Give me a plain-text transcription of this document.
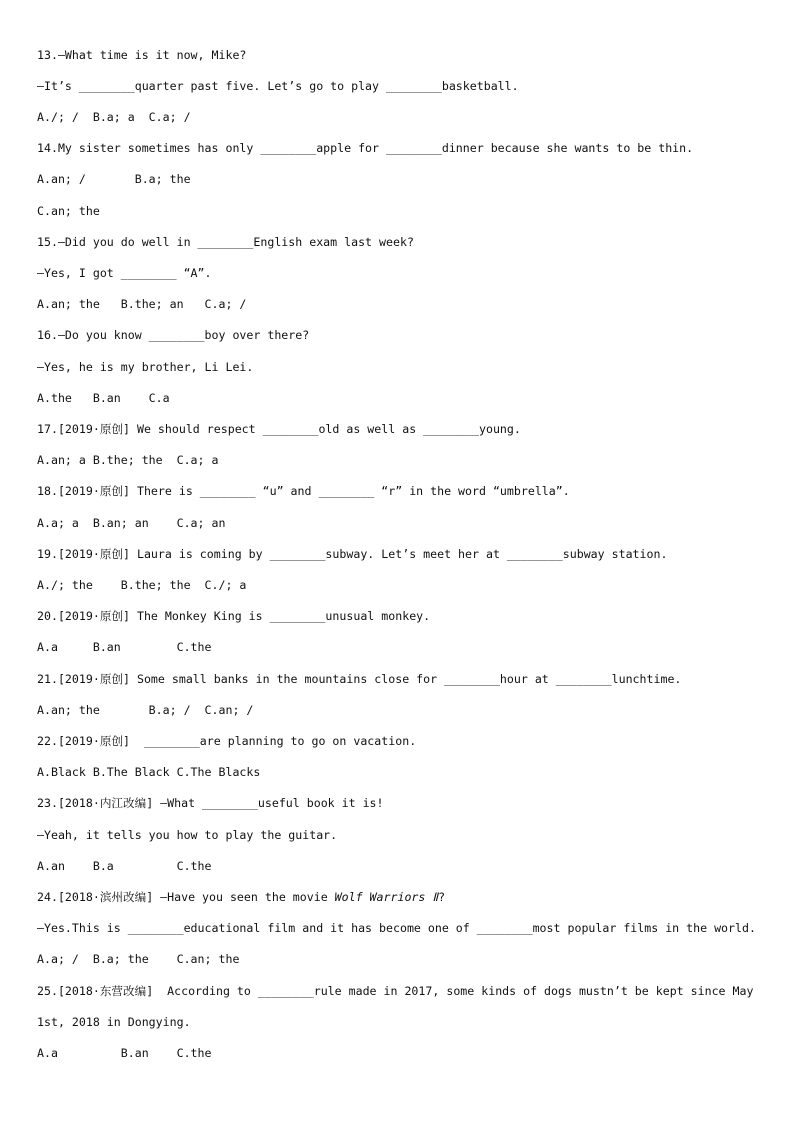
13.—What time is it now, Mike?
—It’s ________quarter past five. Let’s go to play ________basketball.
A./; /  B.a; a  C.a; /
14.My sister sometimes has only ________apple for ________dinner because she wants to be thin.
A.an; /       B.a; the
C.an; the
15.—Did you do well in ________English exam last week?
—Yes, I got ________ “A”.
A.an; the   B.the; an   C.a; /
16.—Do you know ________boy over there?
—Yes, he is my brother, Li Lei.
A.the   B.an    C.a
17.[2019·原创] We should respect ________old as well as ________young.
A.an; a B.the; the  C.a; a
18.[2019·原创] There is ________ “u” and ________ “r” in the word “umbrella”.
A.a; a  B.an; an    C.a; an
19.[2019·原创] Laura is coming by ________subway. Let’s meet her at ________subway station.
A./; the    B.the; the  C./; a
20.[2019·原创] The Monkey King is ________unusual monkey.
A.a     B.an        C.the
21.[2019·原创] Some small banks in the mountains close for ________hour at ________lunchtime.
A.an; the       B.a; /  C.an; /
22.[2019·原创]  ________are planning to go on vacation.
A.Black B.The Black C.The Blacks
23.[2018·内江改编] —What ________useful book it is!
—Yeah, it tells you how to play the guitar.
A.an    B.a         C.the
24.[2018·滨州改编] —Have you seen the movie Wolf Warriors Ⅱ?
—Yes.This is ________educational film and it has become one of ________most popular films in the world.
A.a; /  B.a; the    C.an; the
25.[2018·东营改编]  According to ________rule made in 2017, some kinds of dogs mustn’t be kept since May
1st, 2018 in Dongying.
A.a         B.an    C.the
